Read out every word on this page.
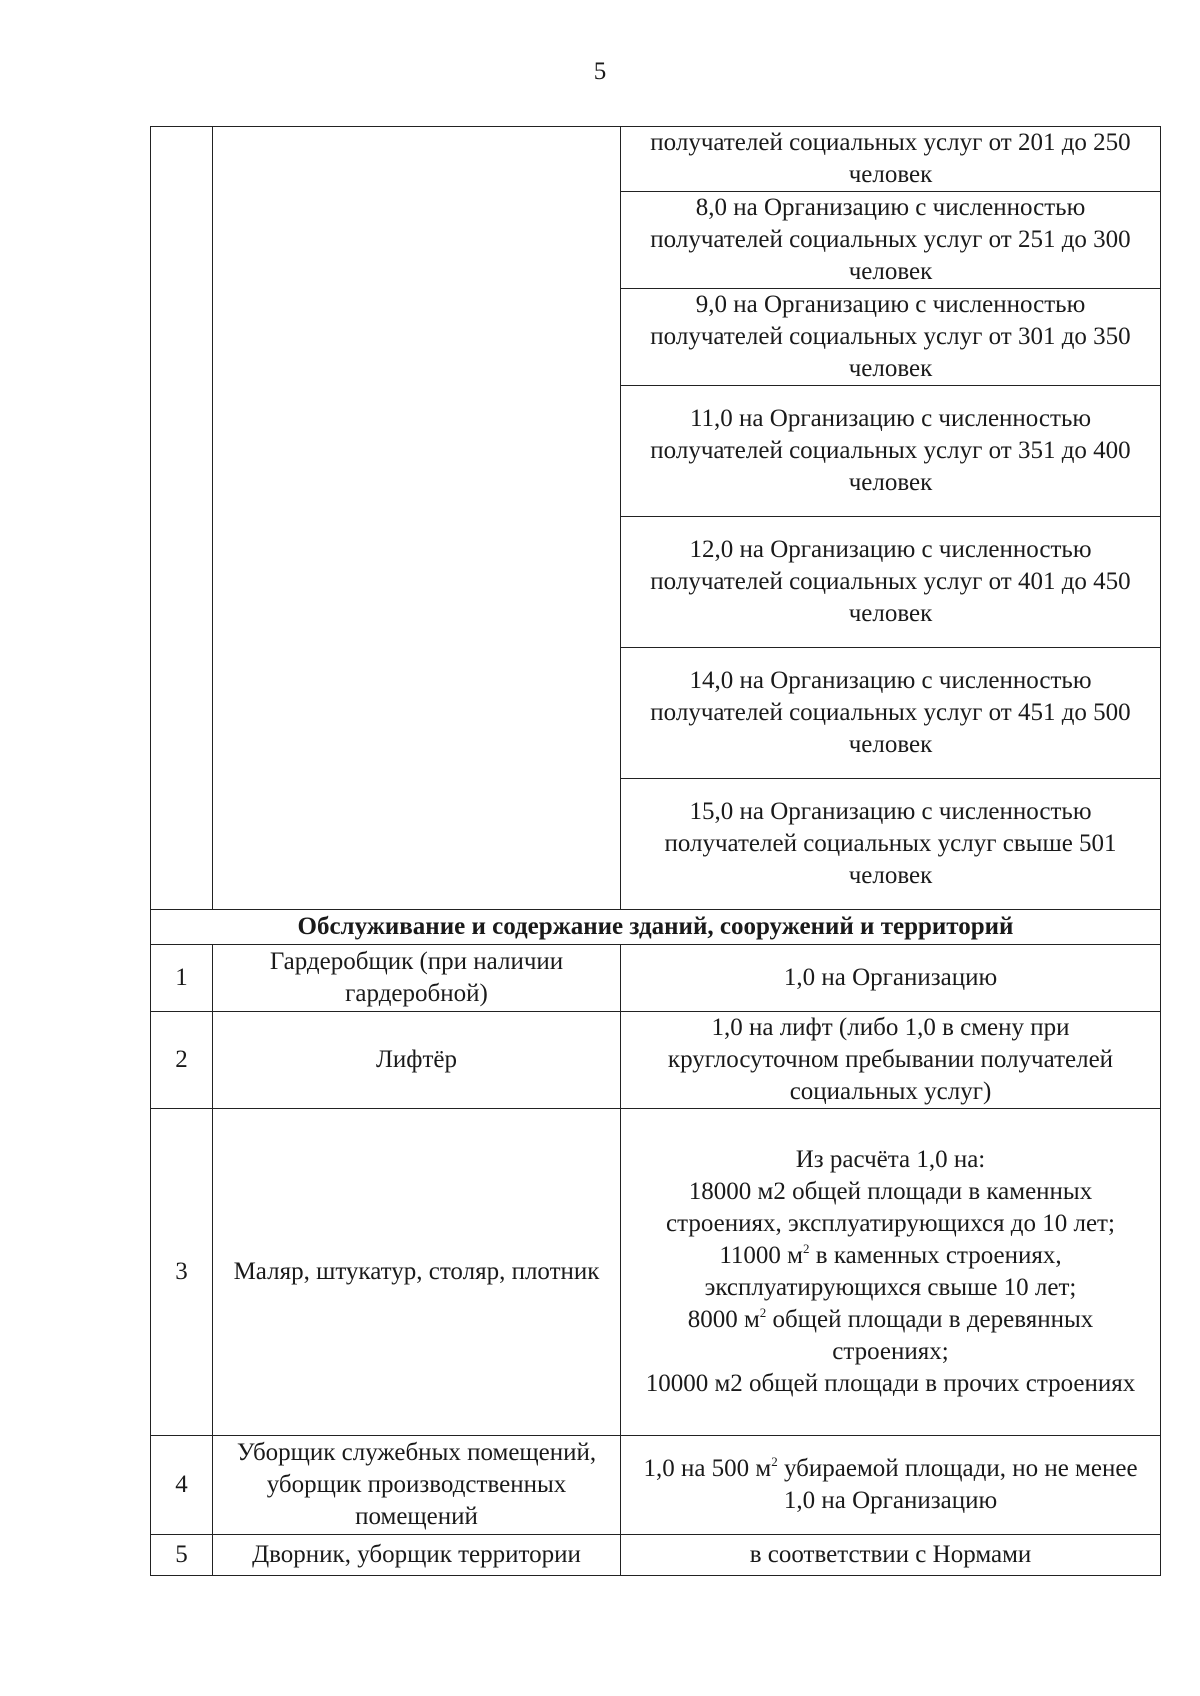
5
		получателей социальных услуг от 201 до 250 человек
		8,0 на Организацию с численностью получателей социальных услуг от 251 до 300 человек
		9,0 на Организацию с численностью получателей социальных услуг от 301 до 350 человек
		11,0 на Организацию с численностью получателей социальных услуг от 351 до 400 человек
		12,0 на Организацию с численностью получателей социальных услуг от 401 до 450 человек
		14,0 на Организацию с численностью получателей социальных услуг от 451 до 500 человек
		15,0 на Организацию с численностью получателей социальных услуг свыше 501 человек
Обслуживание и содержание зданий, сооружений и территорий		
1	Гардеробщик (при наличии гардеробной)	1,0 на Организацию
2	Лифтёр	1,0 на лифт (либо 1,0 в смену при круглосуточном пребывании получателей социальных услуг)
3	Маляр, штукатур, столяр, плотник	Из расчёта 1,0 на:
18000 м2 общей площади в каменных строениях, эксплуатирующихся до 10 лет;
11000 $м^2$ в каменных строениях, эксплуатирующихся свыше 10 лет;
8000 $м^2$ общей площади в деревянных строениях;
10000 м2 общей площади в прочих строениях

4	Уборщик служебных помещений, уборщик производственных помещений	1,0 на 500 $м^2$ убираемой площади, но не менее 1,0 на Организацию
5	Дворник, уборщик территории	в соответствии с Нормами
